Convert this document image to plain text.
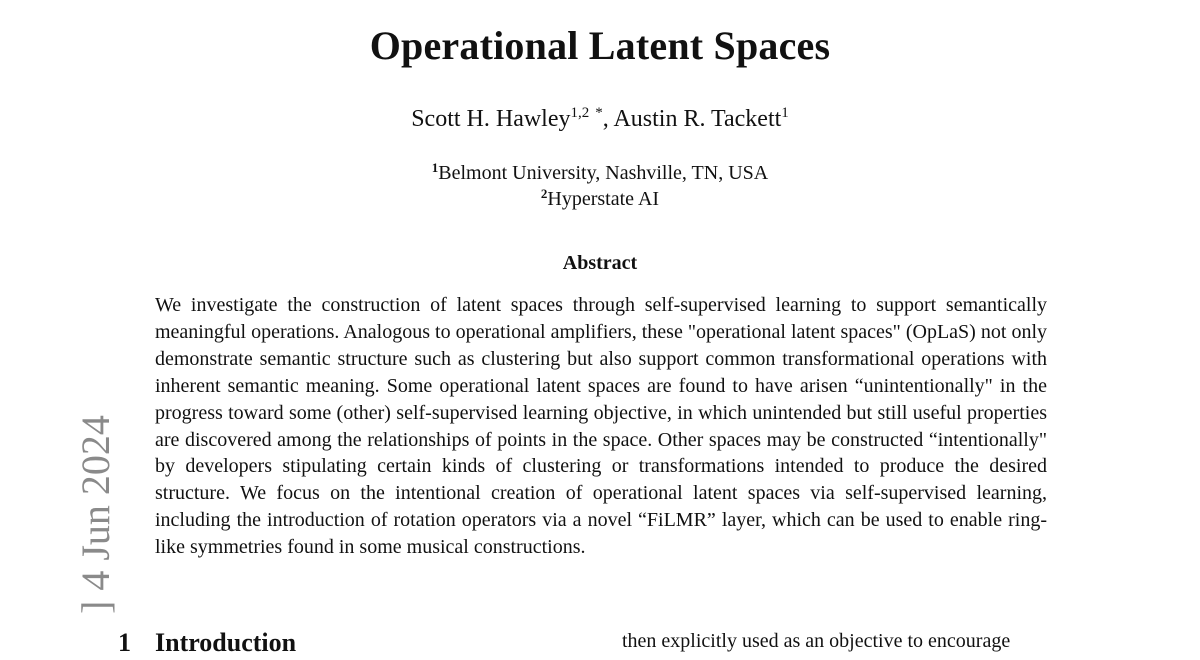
Operational Latent Spaces
Scott H. Hawley$^{1,2}$ *, Austin R. Tackett$^1$
$^1$Belmont University, Nashville, TN, USA
$^2$Hyperstate AI
Abstract
We investigate the construction of latent spaces through self-supervised learning to support semantically meaningful operations. Analogous to operational amplifiers, these "operational latent spaces" (OpLaS) not only demonstrate semantic structure such as clustering but also support common transformational operations with inherent semantic meaning. Some operational latent spaces are found to have arisen “unintentionally" in the progress toward some (other) self-supervised learning objective, in which unintended but still useful properties are discovered among the relationships of points in the space. Other spaces may be constructed “intentionally" by developers stipulating certain kinds of clustering or transformations intended to produce the desired structure. We focus on the intentional creation of operational latent spaces via self-supervised learning, including the introduction of rotation operators via a novel “FiLMR” layer, which can be used to enable ring-like symmetries found in some musical constructions.
] 4 Jun 2024
1 Introduction	then explicitly used as an objective to encourage
